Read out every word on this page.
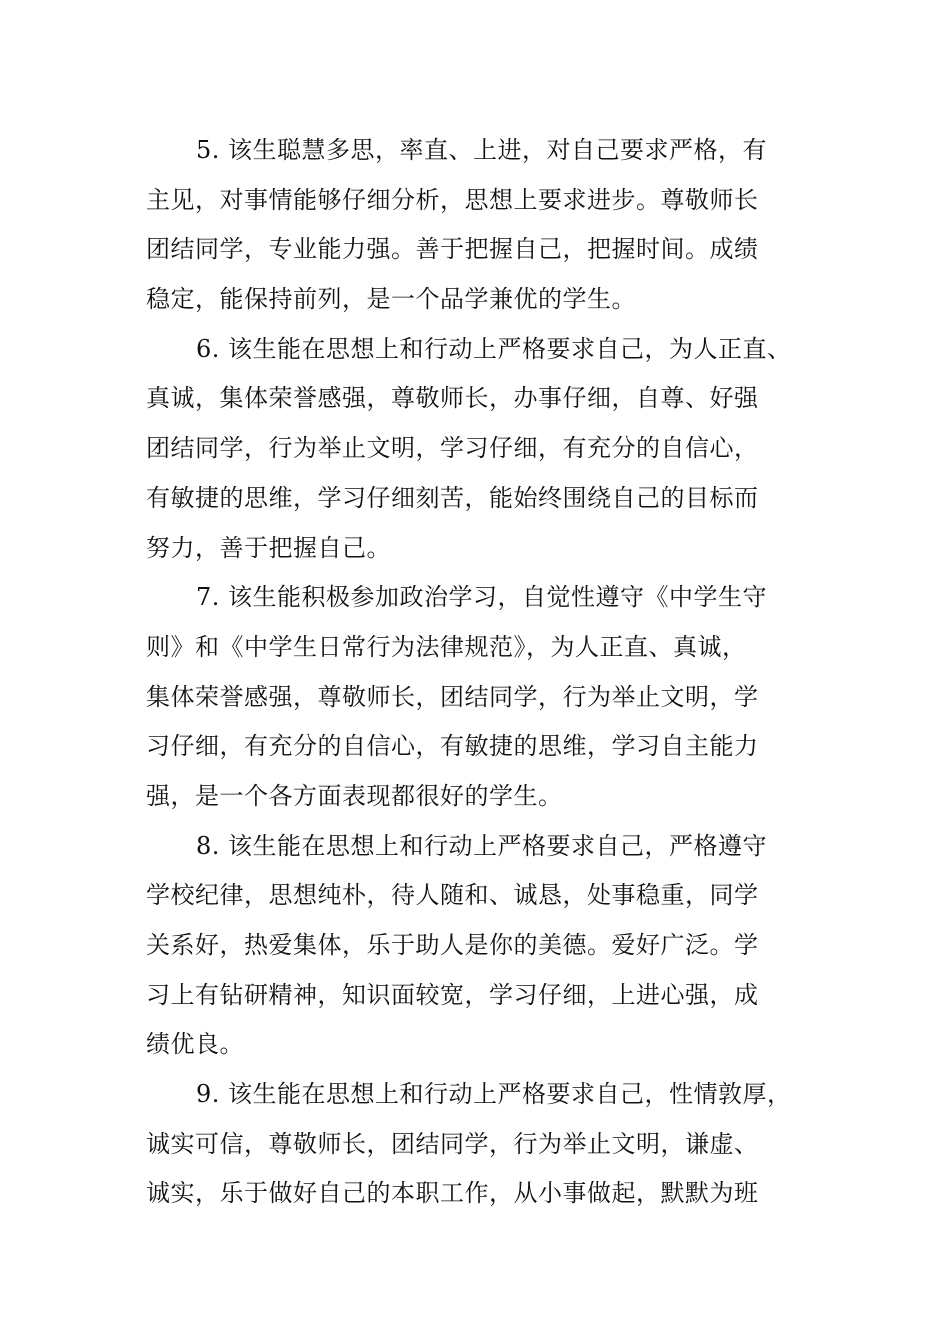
5. 该生聪慧多思，率直、上进，对自己要求严格，有
主见，对事情能够仔细分析，思想上要求进步。尊敬师长
团结同学，专业能力强。善于把握自己，把握时间。成绩
稳定，能保持前列，是一个品学兼优的学生。
6. 该生能在思想上和行动上严格要求自己，为人正直、
真诚，集体荣誉感强，尊敬师长，办事仔细，自尊、好强
团结同学，行为举止文明，学习仔细，有充分的自信心，
有敏捷的思维，学习仔细刻苦，能始终围绕自己的目标而
努力，善于把握自己。
7. 该生能积极参加政治学习，自觉性遵守《中学生守
则》和《中学生日常行为法律规范》，为人正直、真诚，
集体荣誉感强，尊敬师长，团结同学，行为举止文明，学
习仔细，有充分的自信心，有敏捷的思维，学习自主能力
强，是一个各方面表现都很好的学生。
8. 该生能在思想上和行动上严格要求自己，严格遵守
学校纪律，思想纯朴，待人随和、诚恳，处事稳重，同学
关系好，热爱集体，乐于助人是你的美德。爱好广泛。学
习上有钻研精神，知识面较宽，学习仔细，上进心强，成
绩优良。
9. 该生能在思想上和行动上严格要求自己，性情敦厚，
诚实可信，尊敬师长，团结同学，行为举止文明，谦虚、
诚实，乐于做好自己的本职工作，从小事做起，默默为班
